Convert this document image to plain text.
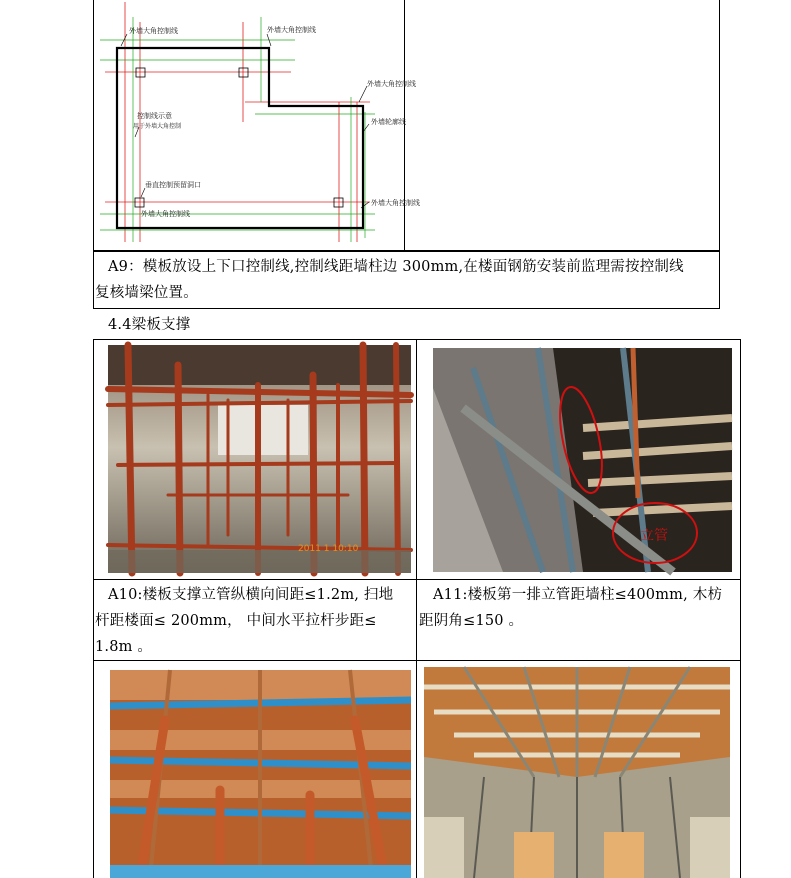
外墙大角控制线	外墙大角控制线
外墙大角控制线
外墙轮廓线
控制线示意
用于外墙大角控制
垂直控制预留洞口
外墙大角控制线
外墙大角控制线
A9：模板放设上下口控制线,控制线距墙柱边 300mm,在楼面钢筋安装前监理需按控制线
复核墙梁位置。
4.4梁板支撑
2011 1 10:10
立管
A10:楼板支撑立管纵横向间距≤1.2m, 扫地
杆距楼面≤ 200mm， 中间水平拉杆步距≤
1.8m 。
A11:楼板第一排立管距墙柱≤400mm, 木枋
距阴角≤150 。
